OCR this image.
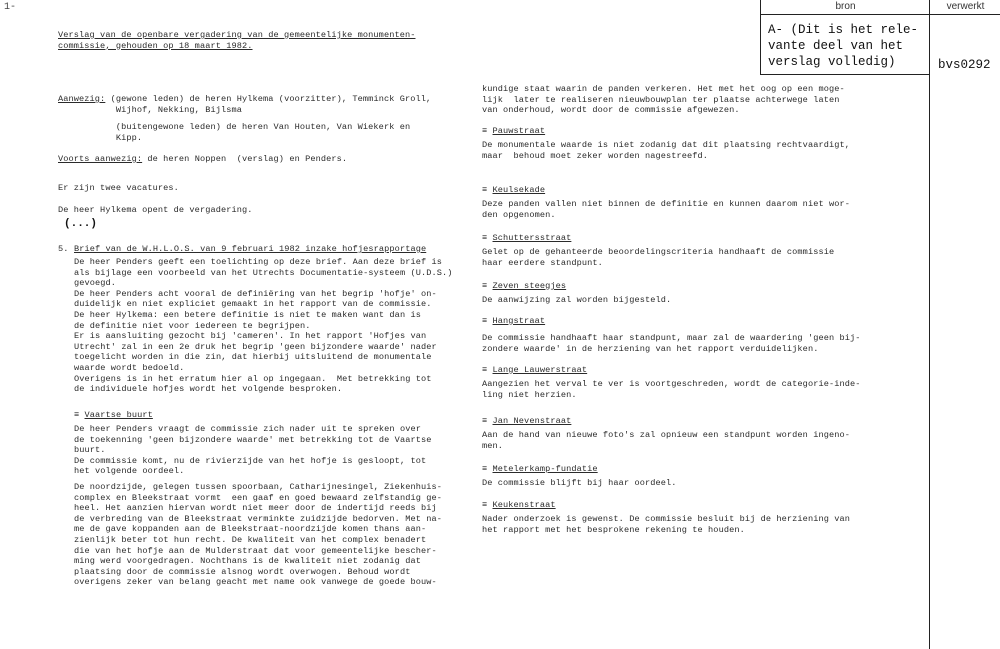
1-	bron	verwerkt
A- (Dit is het rele-
vante deel van het
verslag volledig)	bvs0292
Verslag van de openbare vergadering van de gemeentelijke monumenten-
commissie, gehouden op 18 maart 1982.
Aanwezig: (gewone leden) de heren Hylkema (voorzitter), Temminck Groll,
Wijhof, Nekking, Bijlsma
(buitengewone leden) de heren Van Houten, Van Wiekerk en
Kipp.
Voorts aanwezig: de heren Noppen  (verslag) en Penders.
Er zijn twee vacatures.
De heer Hylkema opent de vergadering.
(...)
5. Brief van de W.H.L.O.S. van 9 februari 1982 inzake hofjesrapportage
De heer Penders geeft een toelichting op deze brief. Aan deze brief is
als bijlage een voorbeeld van het Utrechts Documentatie-systeem (U.D.S.)
gevoegd.
De heer Penders acht vooral de definiëring van het begrip 'hofje' on-
duidelijk en niet expliciet gemaakt in het rapport van de commissie.
De heer Hylkema: een betere definitie is niet te maken want dan is
de definitie niet voor iedereen te begrijpen.
Er is aansluiting gezocht bij 'cameren'. In het rapport 'Hofjes van
Utrecht' zal in een 2e druk het begrip 'geen bijzondere waarde' nader
toegelicht worden in die zin, dat hierbij uitsluitend de monumentale
waarde wordt bedoeld.
Overigens is in het erratum hier al op ingegaan.  Met betrekking tot
de individuele hofjes wordt het volgende besproken.
≡ Vaartse buurt
De heer Penders vraagt de commissie zich nader uit te spreken over
de toekenning 'geen bijzondere waarde' met betrekking tot de Vaartse
buurt.
De commissie komt, nu de rivierzijde van het hofje is gesloopt, tot
het volgende oordeel.
De noordzijde, gelegen tussen spoorbaan, Catharijnesingel, Ziekenhuis-
complex en Bleekstraat vormt  een gaaf en goed bewaard zelfstandig ge-
heel. Het aanzien hiervan wordt niet meer door de indertijd reeds bij
de verbreding van de Bleekstraat verminkte zuidzijde bedorven. Met na-
me de gave koppanden aan de Bleekstraat-noordzijde komen thans aan-
zienlijk beter tot hun recht. De kwaliteit van het complex benadert
die van het hofje aan de Mulderstraat dat voor gemeentelijke bescher-
ming werd voorgedragen. Nochthans is de kwaliteit niet zodanig dat
plaatsing door de commissie alsnog wordt overwogen. Behoud wordt
overigens zeker van belang geacht met name ook vanwege de goede bouw-
kundige staat waarin de panden verkeren. Het met het oog op een moge-
lijk  later te realiseren nieuwbouwplan ter plaatse achterwege laten
van onderhoud, wordt door de commissie afgewezen.
≡ Pauwstraat
De monumentale waarde is niet zodanig dat dit plaatsing rechtvaardigt,
maar  behoud moet zeker worden nagestreefd.
≡ Keulsekade
Deze panden vallen niet binnen de definitie en kunnen daarom niet wor-
den opgenomen.
≡ Schuttersstraat
Gelet op de gehanteerde beoordelingscriteria handhaaft de commissie
haar eerdere standpunt.
≡ Zeven steegjes
De aanwijzing zal worden bijgesteld.
≡ Hangstraat
De commissie handhaaft haar standpunt, maar zal de waardering 'geen bij-
zondere waarde' in de herziening van het rapport verduidelijken.
≡ Lange Lauwerstraat
Aangezien het verval te ver is voortgeschreden, wordt de categorie-inde-
ling niet herzien.
≡ Jan Nevenstraat
Aan de hand van nieuwe foto's zal opnieuw een standpunt worden ingeno-
men.
≡ Metelerkamp-fundatie
De commissie blijft bij haar oordeel.
≡ Keukenstraat
Nader onderzoek is gewenst. De commissie besluit bij de herziening van
het rapport met het besprokene rekening te houden.
